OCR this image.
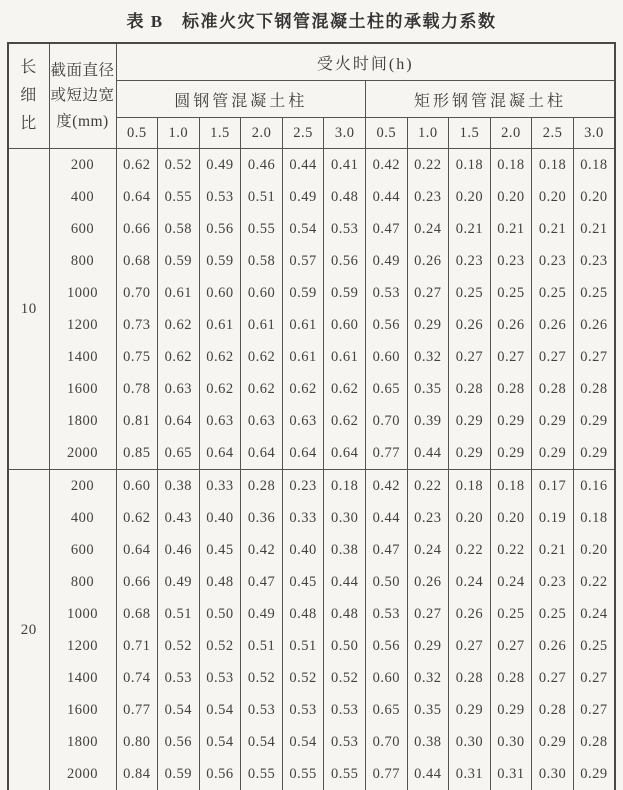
表 B　标准火灾下钢管混凝土柱的承载力系数
长
细
比

截面直径
或短边宽
度(mm)
	受火时间(h)
		圆钢管混凝土柱						矩形钢管混凝土柱					
		0.5	1.0	1.5	2.0	2.5	3.0	0.5	1.0	1.5	2.0	2.5	3.0
10	200	0.62	0.52	0.49	0.46	0.44	0.41	0.42	0.22	0.18	0.18	0.18	0.18
	400	0.64	0.55	0.53	0.51	0.49	0.48	0.44	0.23	0.20	0.20	0.20	0.20
	600	0.66	0.58	0.56	0.55	0.54	0.53	0.47	0.24	0.21	0.21	0.21	0.21
	800	0.68	0.59	0.59	0.58	0.57	0.56	0.49	0.26	0.23	0.23	0.23	0.23
	1000	0.70	0.61	0.60	0.60	0.59	0.59	0.53	0.27	0.25	0.25	0.25	0.25
	1200	0.73	0.62	0.61	0.61	0.61	0.60	0.56	0.29	0.26	0.26	0.26	0.26
	1400	0.75	0.62	0.62	0.62	0.61	0.61	0.60	0.32	0.27	0.27	0.27	0.27
	1600	0.78	0.63	0.62	0.62	0.62	0.62	0.65	0.35	0.28	0.28	0.28	0.28
	1800	0.81	0.64	0.63	0.63	0.63	0.62	0.70	0.39	0.29	0.29	0.29	0.29
	2000	0.85	0.65	0.64	0.64	0.64	0.64	0.77	0.44	0.29	0.29	0.29	0.29
20	200	0.60	0.38	0.33	0.28	0.23	0.18	0.42	0.22	0.18	0.18	0.17	0.16
	400	0.62	0.43	0.40	0.36	0.33	0.30	0.44	0.23	0.20	0.20	0.19	0.18
	600	0.64	0.46	0.45	0.42	0.40	0.38	0.47	0.24	0.22	0.22	0.21	0.20
	800	0.66	0.49	0.48	0.47	0.45	0.44	0.50	0.26	0.24	0.24	0.23	0.22
	1000	0.68	0.51	0.50	0.49	0.48	0.48	0.53	0.27	0.26	0.25	0.25	0.24
	1200	0.71	0.52	0.52	0.51	0.51	0.50	0.56	0.29	0.27	0.27	0.26	0.25
	1400	0.74	0.53	0.53	0.52	0.52	0.52	0.60	0.32	0.28	0.28	0.27	0.27
	1600	0.77	0.54	0.54	0.53	0.53	0.53	0.65	0.35	0.29	0.29	0.28	0.27
	1800	0.80	0.56	0.54	0.54	0.54	0.53	0.70	0.38	0.30	0.30	0.29	0.28
	2000	0.84	0.59	0.56	0.55	0.55	0.55	0.77	0.44	0.31	0.31	0.30	0.29
